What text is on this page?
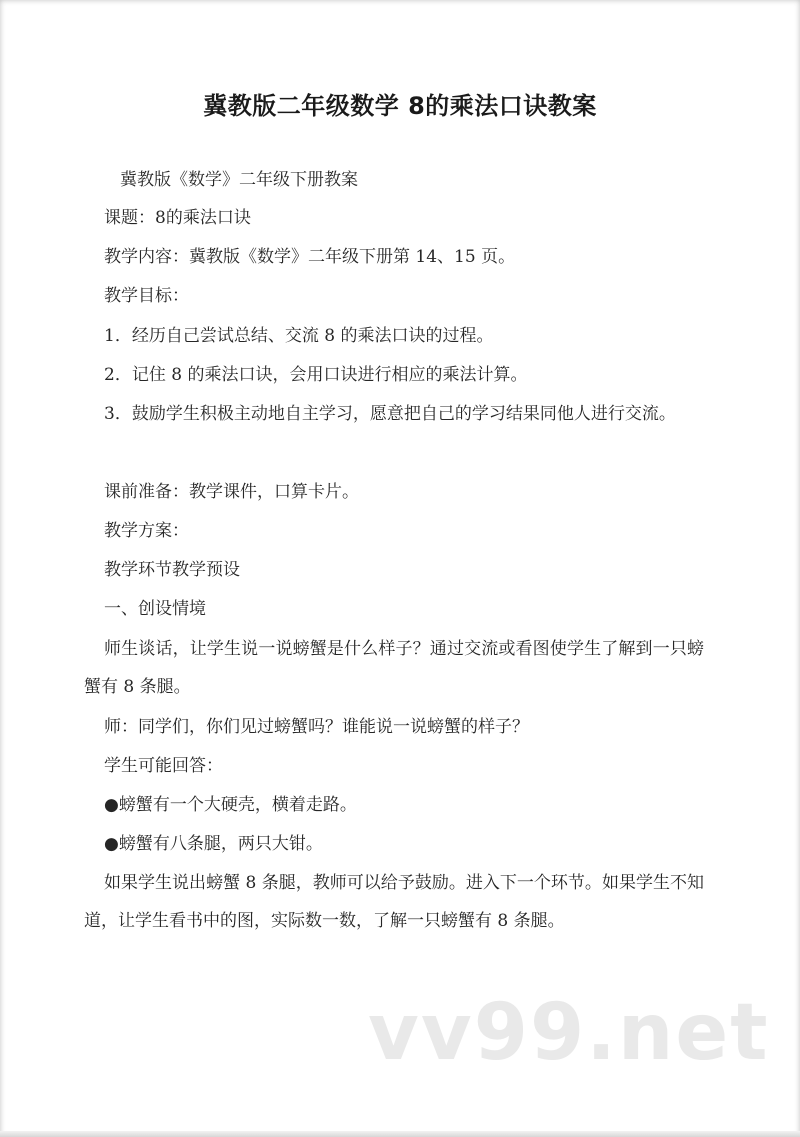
冀教版二年级数学 8的乘法口诀教案
冀教版《数学》二年级下册教案
课题：8的乘法口诀
教学内容：冀教版《数学》二年级下册第 14、15 页。
教学目标：
1．经历自己尝试总结、交流 8 的乘法口诀的过程。
2．记住 8 的乘法口诀，会用口诀进行相应的乘法计算。
3．鼓励学生积极主动地自主学习，愿意把自己的学习结果同他人进行交流。
课前准备：教学课件，口算卡片。
教学方案：
教学环节教学预设
一、创设情境
师生谈话，让学生说一说螃蟹是什么样子？通过交流或看图使学生了解到一只螃蟹有 8 条腿。
师：同学们，你们见过螃蟹吗？谁能说一说螃蟹的样子？
学生可能回答：
●螃蟹有一个大硬壳，横着走路。
●螃蟹有八条腿，两只大钳。
如果学生说出螃蟹 8 条腿，教师可以给予鼓励。进入下一个环节。如果学生不知道，让学生看书中的图，实际数一数，了解一只螃蟹有 8 条腿。
vv99.net
